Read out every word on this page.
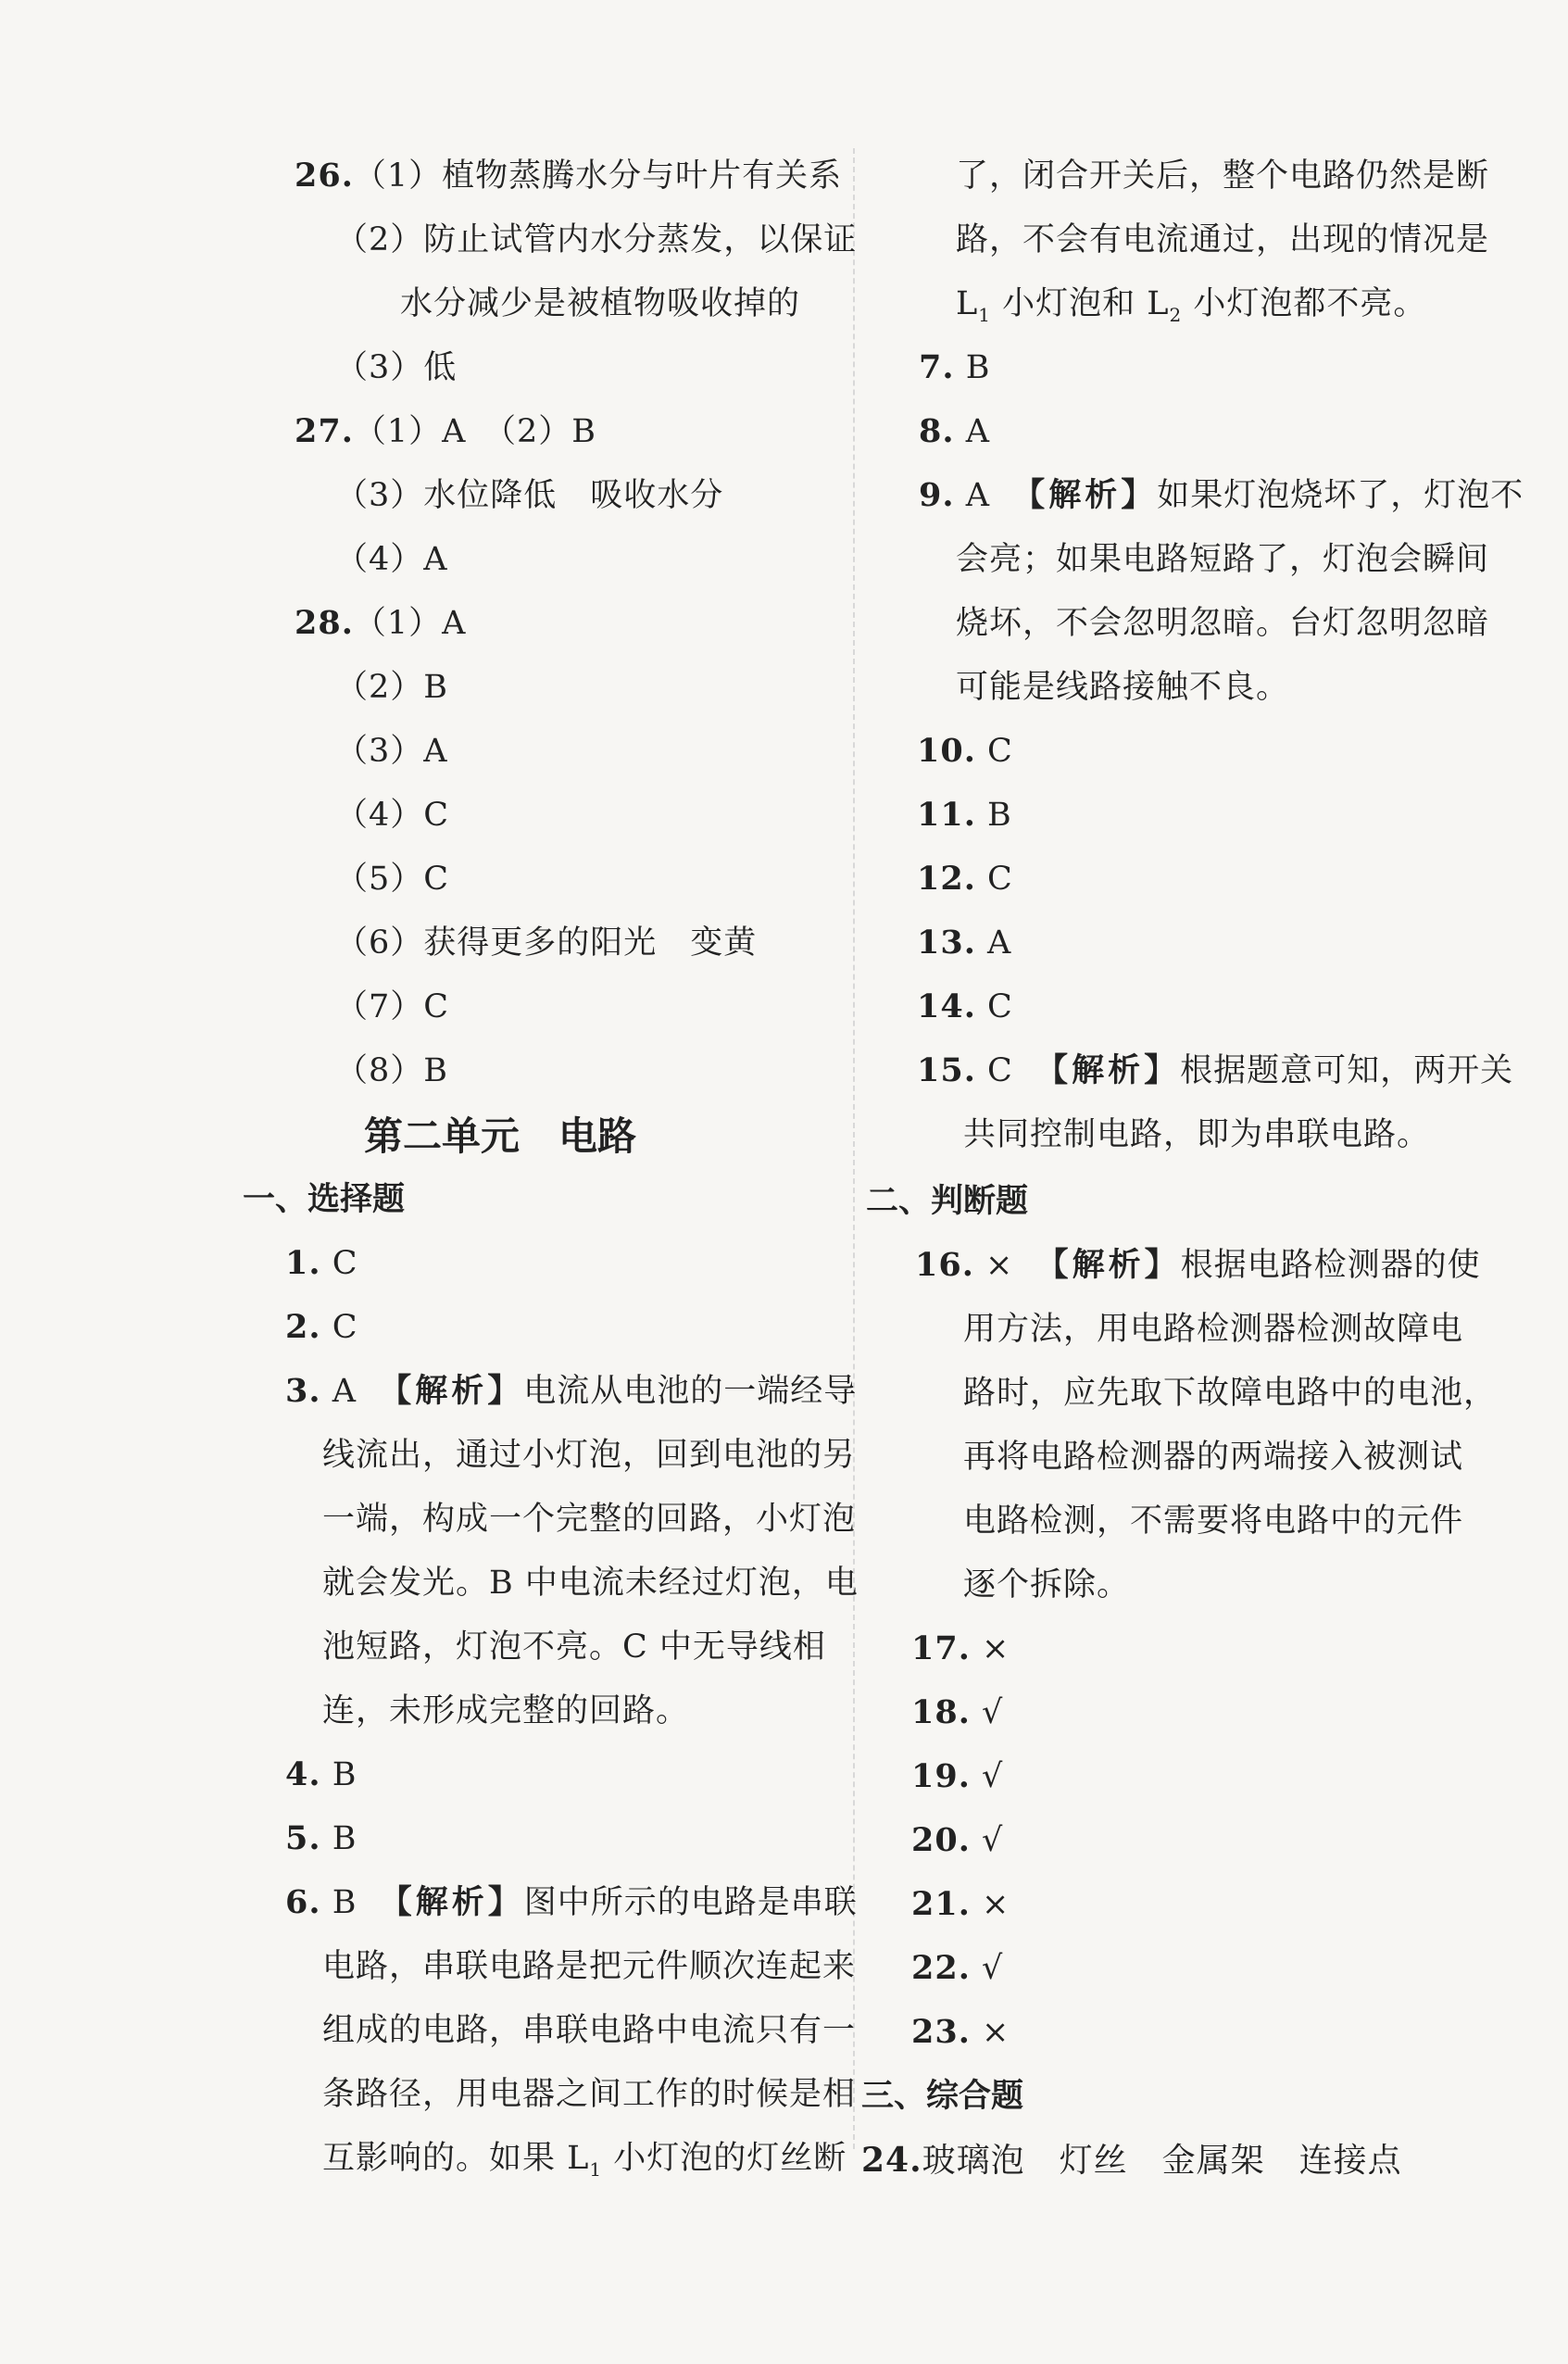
26.（1）植物蒸腾水分与叶片有关系
（2）防止试管内水分蒸发，以保证
水分减少是被植物吸收掉的
（3）低
27.（1）A　（2）B
（3）水位降低　吸收水分
（4）A
28.（1）A
（2）B
（3）A
（4）C
（5）C
（6）获得更多的阳光　变黄
（7）C
（8）B
第二单元　电路
一、选择题
1. C
2. C
3. A 【解析】电流从电池的一端经导
线流出，通过小灯泡，回到电池的另
一端，构成一个完整的回路，小灯泡
就会发光。B 中电流未经过灯泡，电
池短路，灯泡不亮。C 中无导线相
连，未形成完整的回路。
4. B
5. B
6. B 【解析】图中所示的电路是串联
电路，串联电路是把元件顺次连起来
组成的电路，串联电路中电流只有一
条路径，用电器之间工作的时候是相
互影响的。如果 $L_1$ 小灯泡的灯丝断
了，闭合开关后，整个电路仍然是断
路，不会有电流通过，出现的情况是
$L_1$ 小灯泡和 $L_2$ 小灯泡都不亮。
7. B
8. A
9. A 【解析】如果灯泡烧坏了，灯泡不
会亮；如果电路短路了，灯泡会瞬间
烧坏，不会忽明忽暗。台灯忽明忽暗
可能是线路接触不良。
10. C
11. B
12. C
13. A
14. C
15. C 【解析】根据题意可知，两开关
共同控制电路，即为串联电路。
二、判断题
16. × 【解析】根据电路检测器的使
用方法，用电路检测器检测故障电
路时，应先取下故障电路中的电池，
再将电路检测器的两端接入被测试
电路检测，不需要将电路中的元件
逐个拆除。
17. ×
18. √
19. √
20. √
21. ×
22. √
23. ×
三、综合题
24.玻璃泡　灯丝　金属架　连接点
